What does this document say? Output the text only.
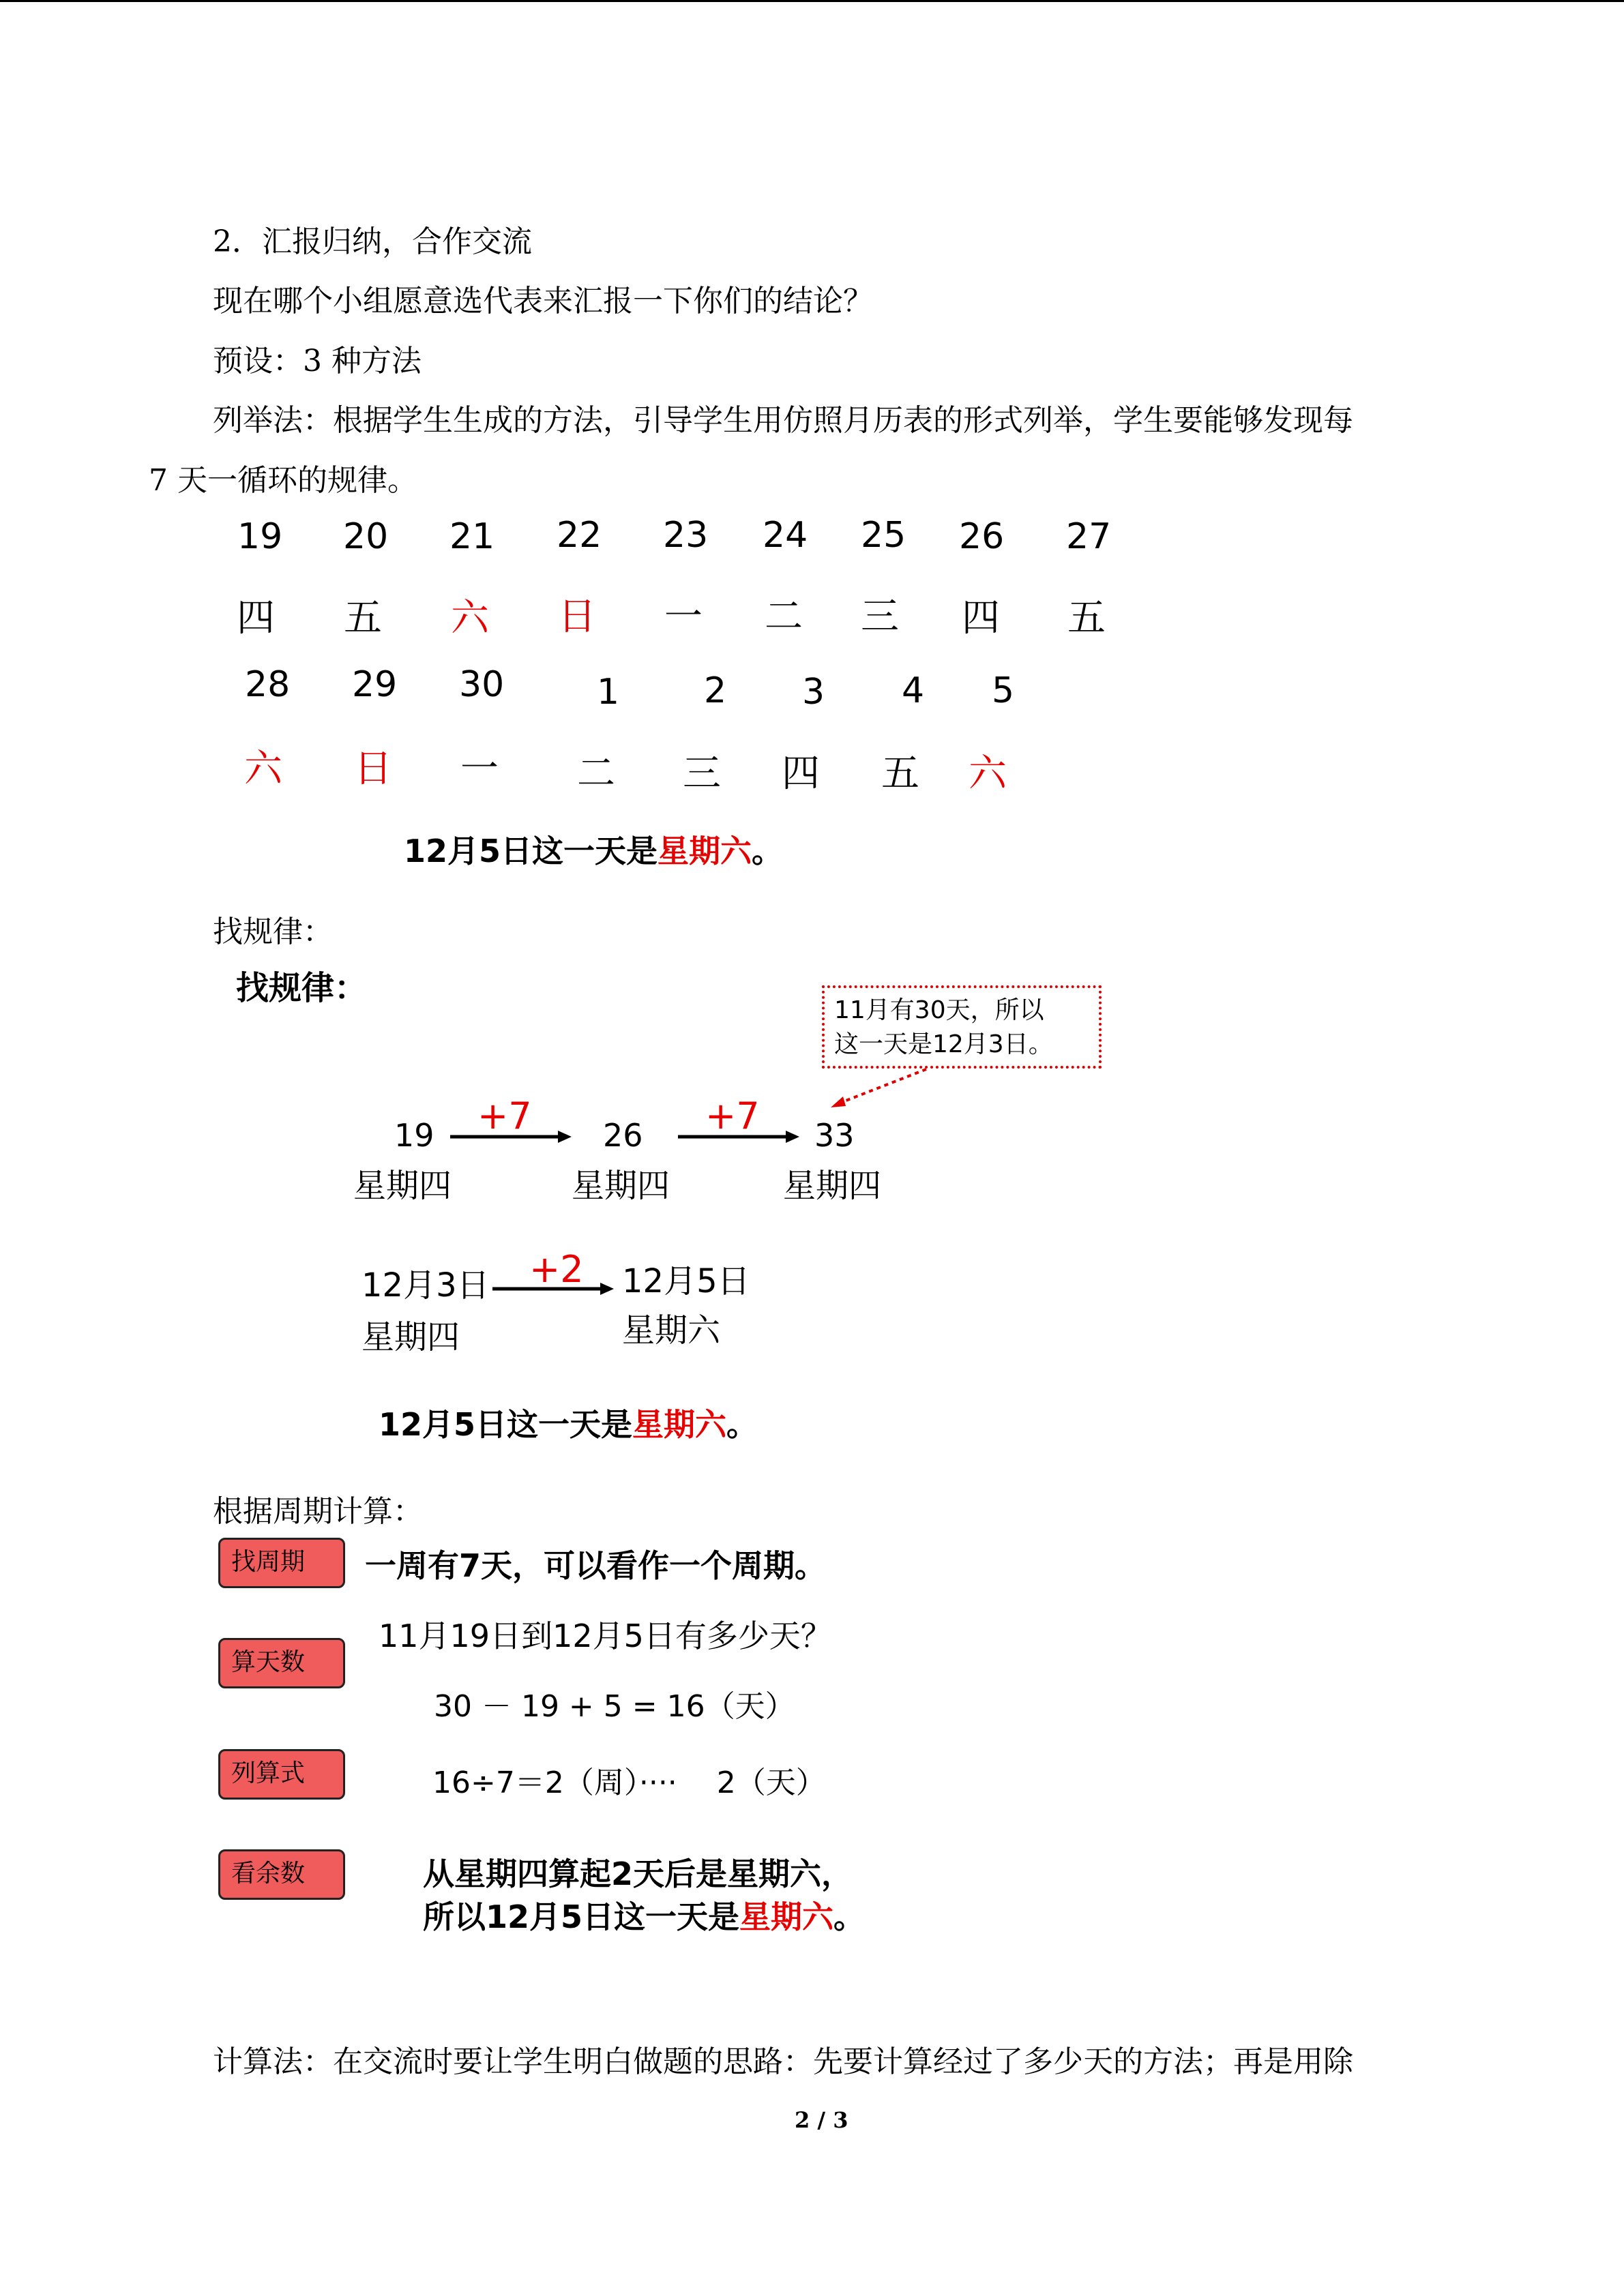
2．汇报归纳，合作交流
现在哪个小组愿意选代表来汇报一下你们的结论？
预设：3 种方法
列举法：根据学生生成的方法，引导学生用仿照月历表的形式列举，学生要能够发现每
7 天一循环的规律。
19 20 21 22 23 24 25 26 27
四 五 六 日 一 二 三 四 五
28 29 30	1 2 3 4 5
六 日 一 二 三 四 五 六
12月5日这一天是星期六。
找规律：
找规律：
11月有30天，所以
这一天是12月3日。
19 +7 26 +7 33
星期四	星期四	星期四
12月3日
星期四
+2 12月5日
星期六
12月5日这一天是星期六。
根据周期计算：
找周期	一周有7天，可以看作一个周期。
11月19日到12月5日有多少天？
算天数
30 － 19 + 5 = 16（天）
列算式	16÷7＝2（周）····　 2（天）
看余数	从星期四算起2天后是星期六，
所以12月5日这一天是星期六。
计算法：在交流时要让学生明白做题的思路：先要计算经过了多少天的方法；再是用除
2 / 3
